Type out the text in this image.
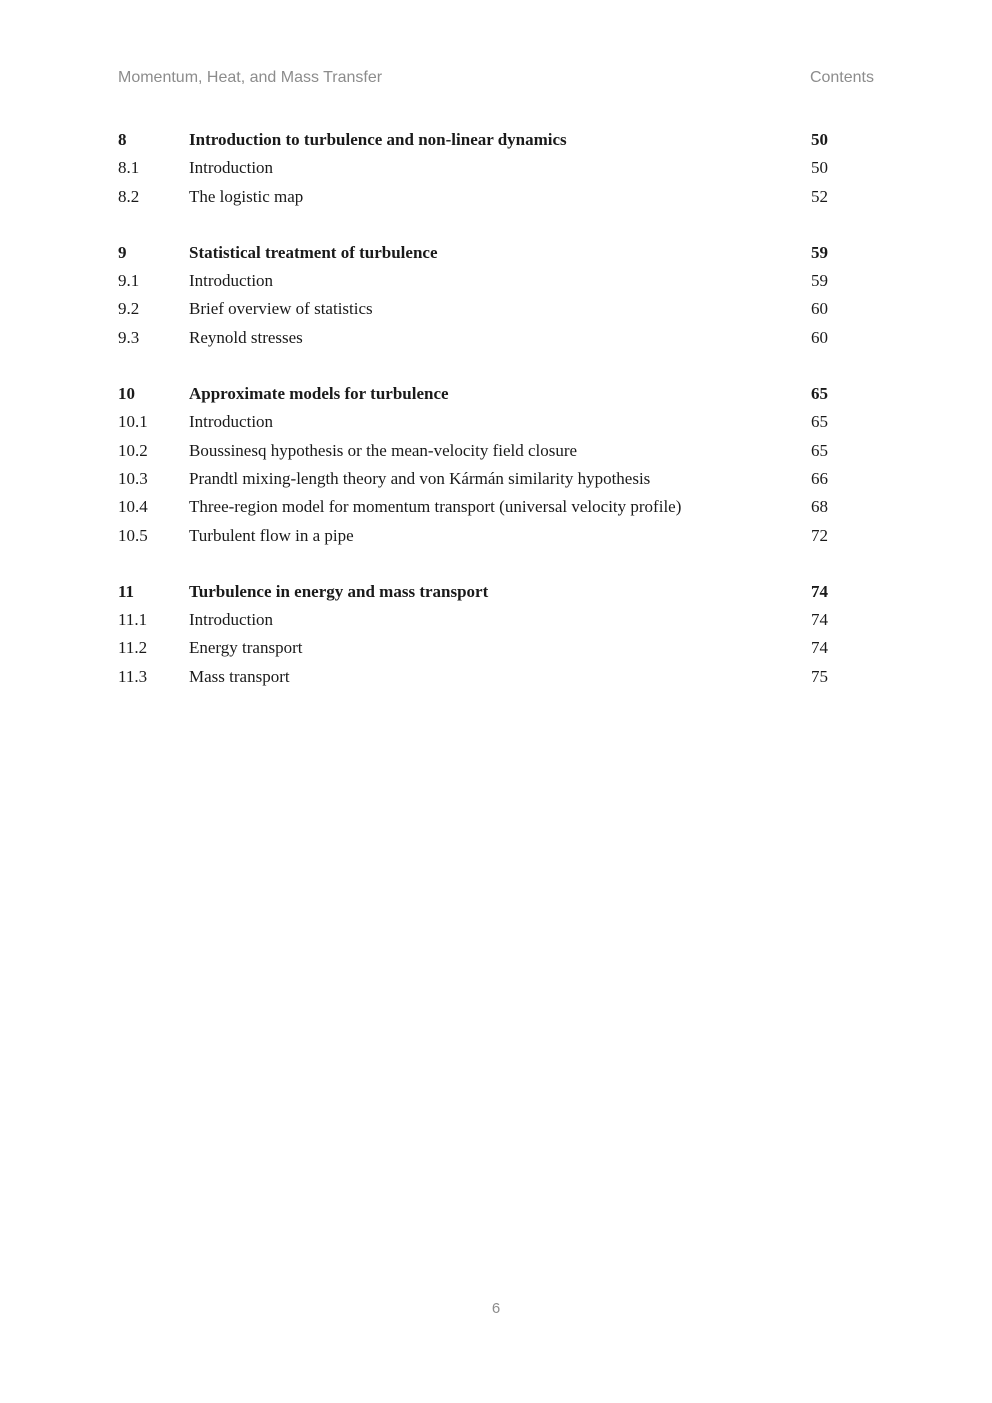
Momentum, Heat, and Mass Transfer	Contents
8	Introduction to turbulence and non-linear dynamics	50
8.1	Introduction	50
8.2	The logistic map	52
9	Statistical treatment of turbulence	59
9.1	Introduction	59
9.2	Brief overview of statistics	60
9.3	Reynold stresses	60
10	Approximate models for turbulence	65
10.1 Introduction	65
10.2 Boussinesq hypothesis or the mean-velocity field closure	65
10.3 Prandtl mixing-length theory and von Kármán similarity hypothesis	66
10.4 Three-region model for momentum transport (universal velocity profile)	68
10.5 Turbulent flow in a pipe	72
11	Turbulence in energy and mass transport	74
11.1 Introduction	74
11.2 Energy transport	74
11.3 Mass transport	75
6
